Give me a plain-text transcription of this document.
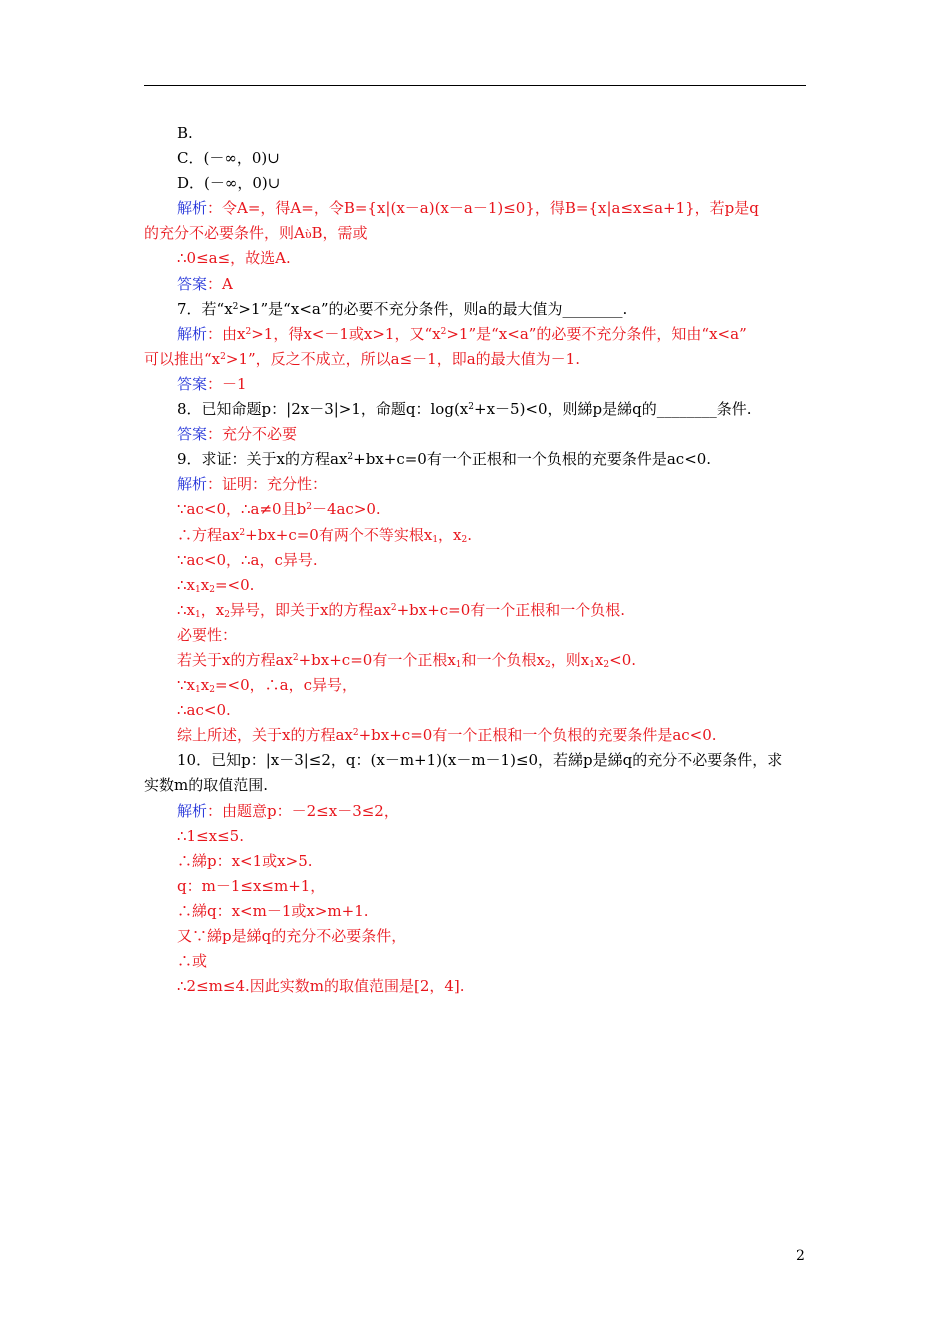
B.
C．(－∞，0)∪
D．(－∞，0)∪
解析：令A=，得A=，令B={x|(x－a)(x－a－1)≤0}，得B={x|a≤x≤a+1}，若p是q
的充分不必要条件，则AὺB，需或
∴0≤a≤，故选A.
答案：A
7．若“$x^2>1$”是“x<a”的必要不充分条件，则a的最大值为________.
解析：由$x^2>1$，得x<－1或x>1，又“$x^2>1$”是“x<a”的必要不充分条件，知由“x<a”
可以推出“$x^2>1$”，反之不成立，所以a≤－1，即a的最大值为－1.
答案：－1
8．已知命题p：|2x－3|>1，命题q：$\log(x^2+x-5)<0$，则綈p是綈q的________条件.
答案：充分不必要
9．求证：关于x的方程$ax^2+bx+c=0$有一个正根和一个负根的充要条件是ac<0.
解析：证明：充分性：
∵ac<0，∴a≠0且$b^2-4ac>0$.
∴方程$ax^2+bx+c=0$有两个不等实根$x_1$，$x_2$.
∵ac<0，∴a，c异号.
$\therefore x_1x_2=<0$.
$\therefore x_1$，$x_2$异号，即关于x的方程$ax^2+bx+c=0$有一个正根和一个负根.
必要性：
若关于x的方程$ax^2+bx+c=0$有一个正根$x_1$和一个负根$x_2$，则$x_1x_2<0$.
$\because x_1x_2=<0$，∴a，c异号，
∴ac<0.
综上所述，关于x的方程$ax^2+bx+c=0$有一个正根和一个负根的充要条件是ac<0.
10．已知p：|x－3|≤2，q：(x－m+1)(x－m－1)≤0，若綈p是綈q的充分不必要条件，求
实数m的取值范围.
解析：由题意p：－2≤x－3≤2，
∴1≤x≤5.
∴綈p：x<1或x>5.
q：m－1≤x≤m+1，
∴綈q：x<m－1或x>m+1.
又∵綈p是綈q的充分不必要条件，
∴或
∴2≤m≤4.因此实数m的取值范围是[2，4].
2
